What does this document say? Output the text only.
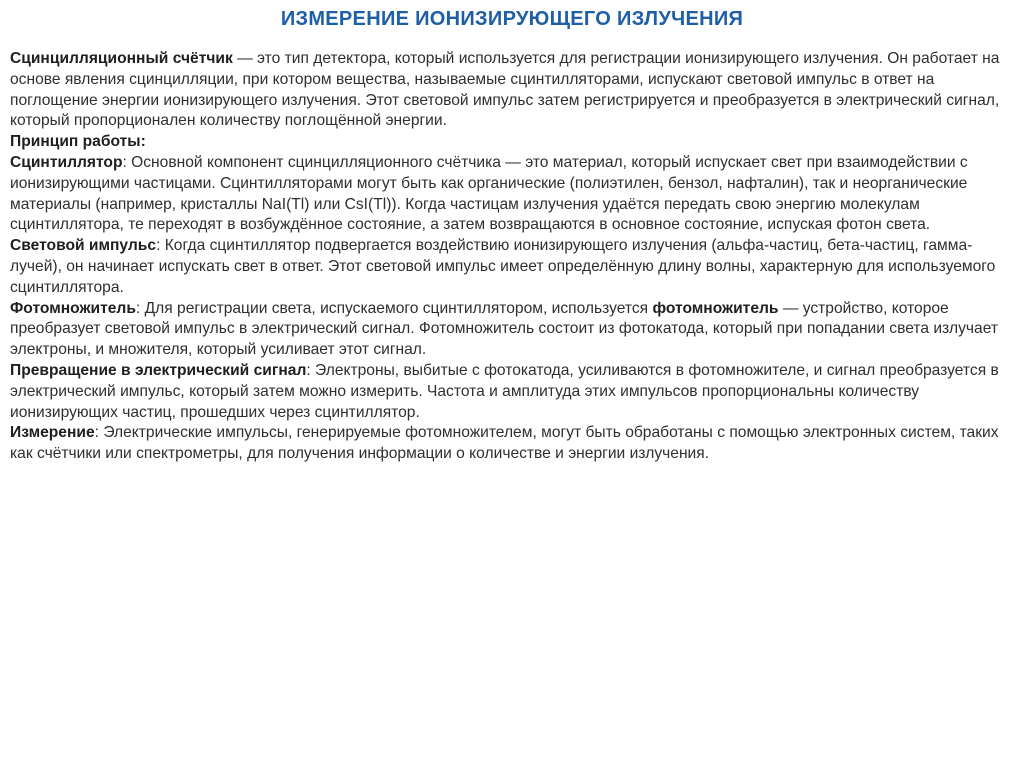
ИЗМЕРЕНИЕ ИОНИЗИРУЮЩЕГО ИЗЛУЧЕНИЯ

Сцинцилляционный счётчик — это тип детектора, который используется для регистрации ионизирующего излучения. Он работает на основе явления сцинцилляции, при котором вещества, называемые сцинтилляторами, испускают световой импульс в ответ на поглощение энергии ионизирующего излучения. Этот световой импульс затем регистрируется и преобразуется в электрический сигнал, который пропорционален количеству поглощённой энергии.

Принцип работы:

Сцинтиллятор: Основной компонент сцинцилляционного счётчика — это материал, который испускает свет при взаимодействии с ионизирующими частицами. Сцинтилляторами могут быть как органические (полиэтилен, бензол, нафталин), так и неорганические материалы (например, кристаллы NaI(Tl) или CsI(Tl)). Когда частицам излучения удаётся передать свою энергию молекулам сцинтиллятора, те переходят в возбуждённое состояние, а затем возвращаются в основное состояние, испуская фотон света.

Световой импульс: Когда сцинтиллятор подвергается воздействию ионизирующего излучения (альфа-частиц, бета-частиц, гамма-лучей), он начинает испускать свет в ответ. Этот световой импульс имеет определённую длину волны, характерную для используемого сцинтиллятора.

Фотомножитель: Для регистрации света, испускаемого сцинтиллятором, используется фотомножитель — устройство, которое преобразует световой импульс в электрический сигнал. Фотомножитель состоит из фотокатода, который при попадании света излучает электроны, и множителя, который усиливает этот сигнал.

Превращение в электрический сигнал: Электроны, выбитые с фотокатода, усиливаются в фотомножителе, и сигнал преобразуется в электрический импульс, который затем можно измерить. Частота и амплитуда этих импульсов пропорциональны количеству ионизирующих частиц, прошедших через сцинтиллятор.

Измерение: Электрические импульсы, генерируемые фотомножителем, могут быть обработаны с помощью электронных систем, таких как счётчики или спектрометры, для получения информации о количестве и энергии излучения.
